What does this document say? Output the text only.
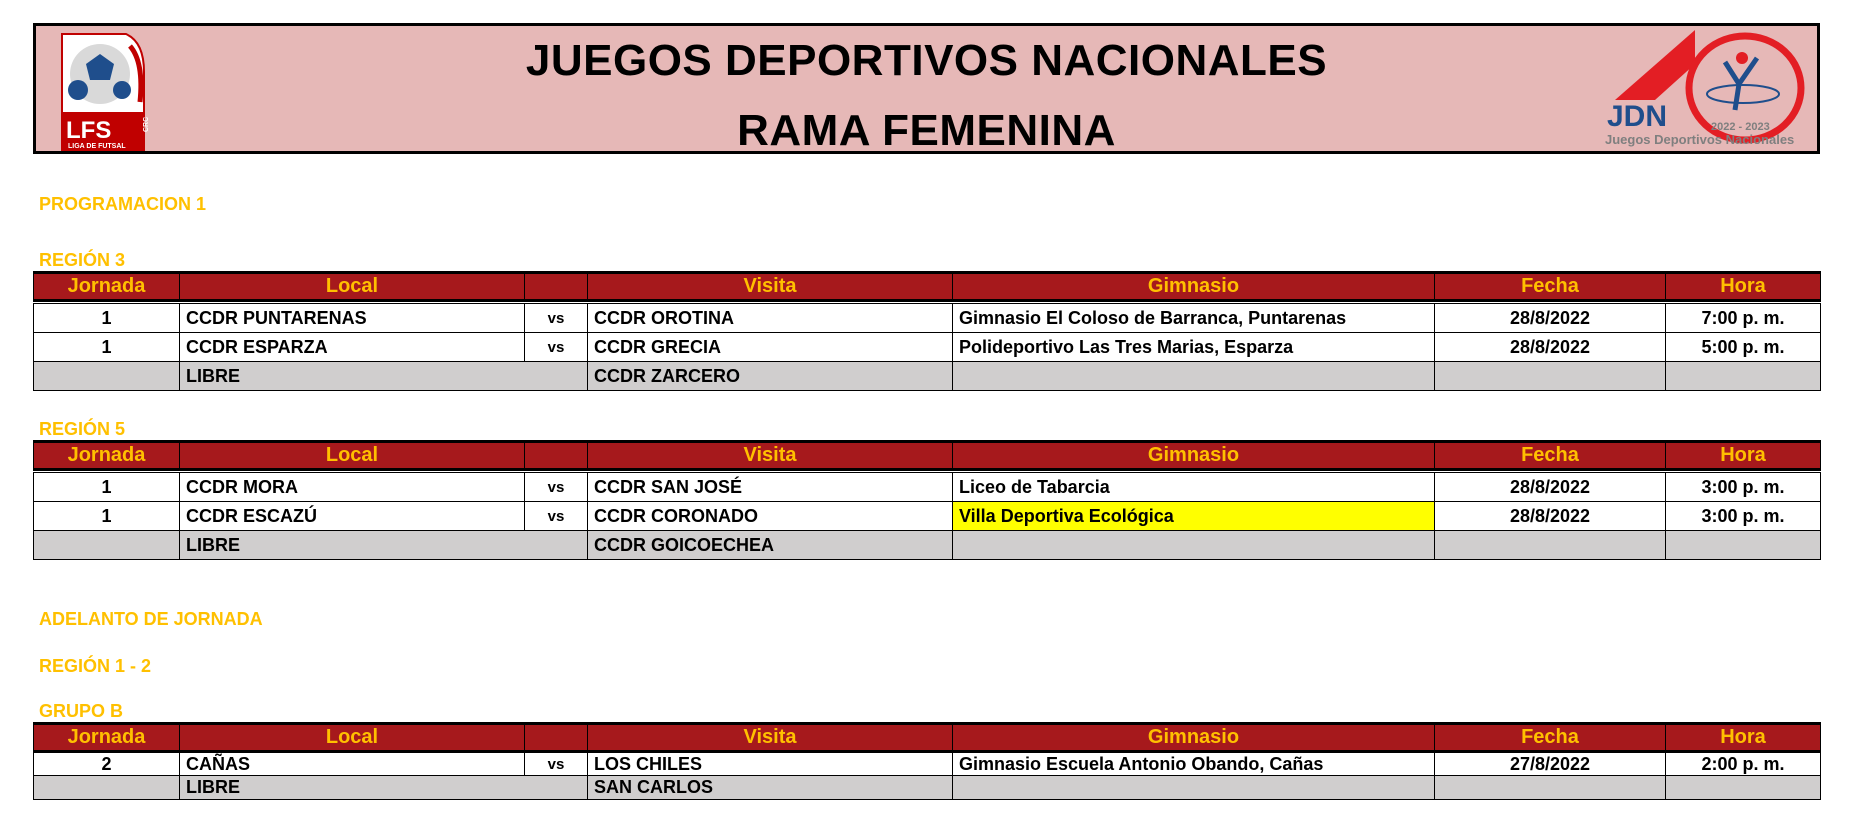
LFS
LIGA DE FUTSAL
CRC
JUEGOS DEPORTIVOS NACIONALES
RAMA FEMENINA	JDN	2022 - 2023
Juegos Deportivos Nacionales
PROGRAMACION 1
REGIÓN 3
REGIÓN 5
ADELANTO DE JORNADA
REGIÓN 1 - 2
GRUPO B
Jornada	Local		Visita	Gimnasio	Fecha	Hora

1	CCDR PUNTARENAS	vs	CCDR OROTINA	Gimnasio El Coloso de Barranca, Puntarenas	28/8/2022	7:00 p. m.
1	CCDR ESPARZA	vs	CCDR GRECIA	Polideportivo Las Tres Marias, Esparza	28/8/2022	5:00 p. m.
	LIBRE		CCDR ZARCERO			
Jornada	Local		Visita	Gimnasio	Fecha	Hora

1	CCDR MORA	vs	CCDR SAN JOSÉ	Liceo de Tabarcia	28/8/2022	3:00 p. m.
1	CCDR ESCAZÚ	vs	CCDR CORONADO	Villa Deportiva Ecológica	28/8/2022	3:00 p. m.
	LIBRE		CCDR GOICOECHEA			
Jornada	Local		Visita	Gimnasio	Fecha	Hora
2	CAÑAS	vs	LOS CHILES	Gimnasio Escuela Antonio Obando, Cañas	27/8/2022	2:00 p. m.
	LIBRE		SAN CARLOS			
